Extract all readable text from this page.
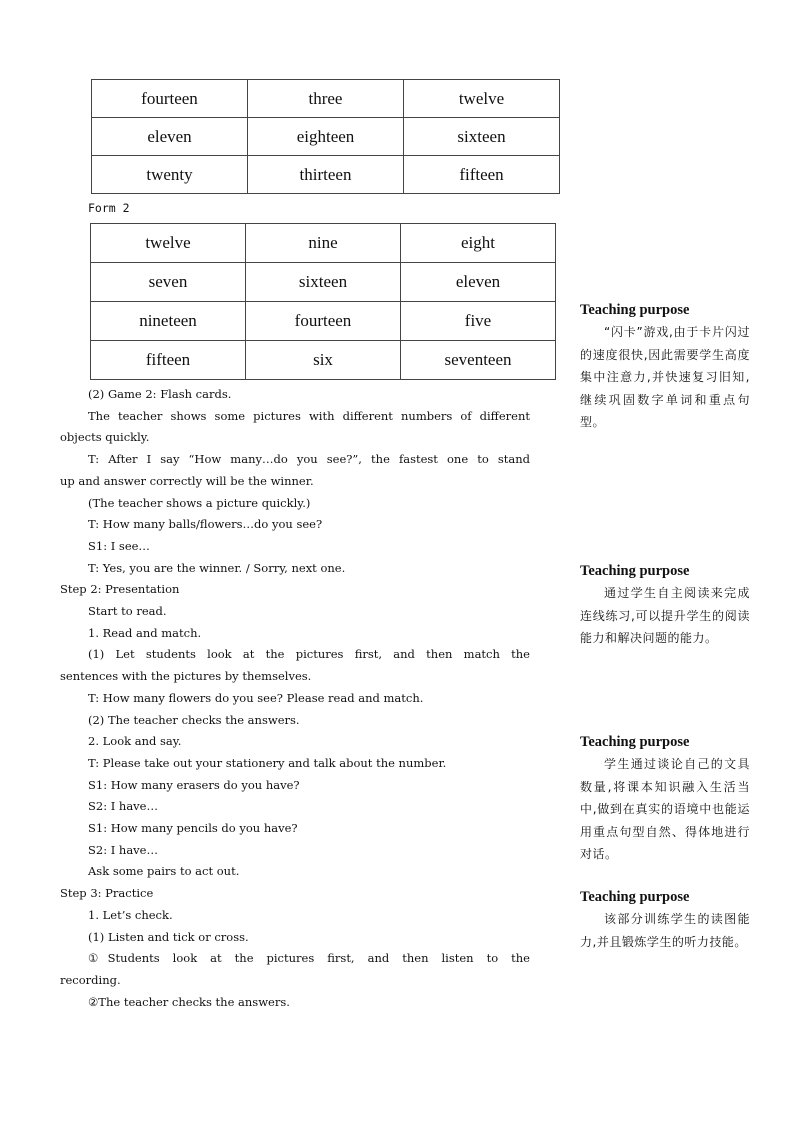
fourteen	three	twelve
eleven	eighteen	sixteen
twenty	thirteen	fifteen
Form 2
twelve	nine	eight
seven	sixteen	eleven
nineteen	fourteen	five
fifteen	six	seventeen
(2) Game 2: Flash cards.
The teacher shows some pictures with different numbers of different
objects quickly.
T: After I say “How many…do you see?”, the fastest one to stand
up and answer correctly will be the winner.
(The teacher shows a picture quickly.)
T: How many balls/flowers…do you see?
S1: I see…
T: Yes, you are the winner. / Sorry, next one.
Step 2: Presentation
Start to read.
1. Read and match.
(1) Let students look at the pictures first, and then match the
sentences with the pictures by themselves.
T: How many flowers do you see? Please read and match.
(2) The teacher checks the answers.
2. Look and say.
T: Please take out your stationery and talk about the number.
S1: How many erasers do you have?
S2: I have…
S1: How many pencils do you have?
S2: I have…
Ask some pairs to act out.
Step 3: Practice
1. Let’s check.
(1) Listen and tick or cross.
①Students look at the pictures first, and then listen to the
recording.
②The teacher checks the answers.
Teaching purpose
“闪卡”游戏,由于卡片闪过的速度很快,因此需要学生高度集中注意力,并快速复习旧知,继续巩固数字单词和重点句型。
Teaching purpose
通过学生自主阅读来完成连线练习,可以提升学生的阅读能力和解决问题的能力。
Teaching purpose
学生通过谈论自己的文具数量,将课本知识融入生活当中,做到在真实的语境中也能运用重点句型自然、得体地进行对话。
Teaching purpose
该部分训练学生的读图能力,并且锻炼学生的听力技能。
